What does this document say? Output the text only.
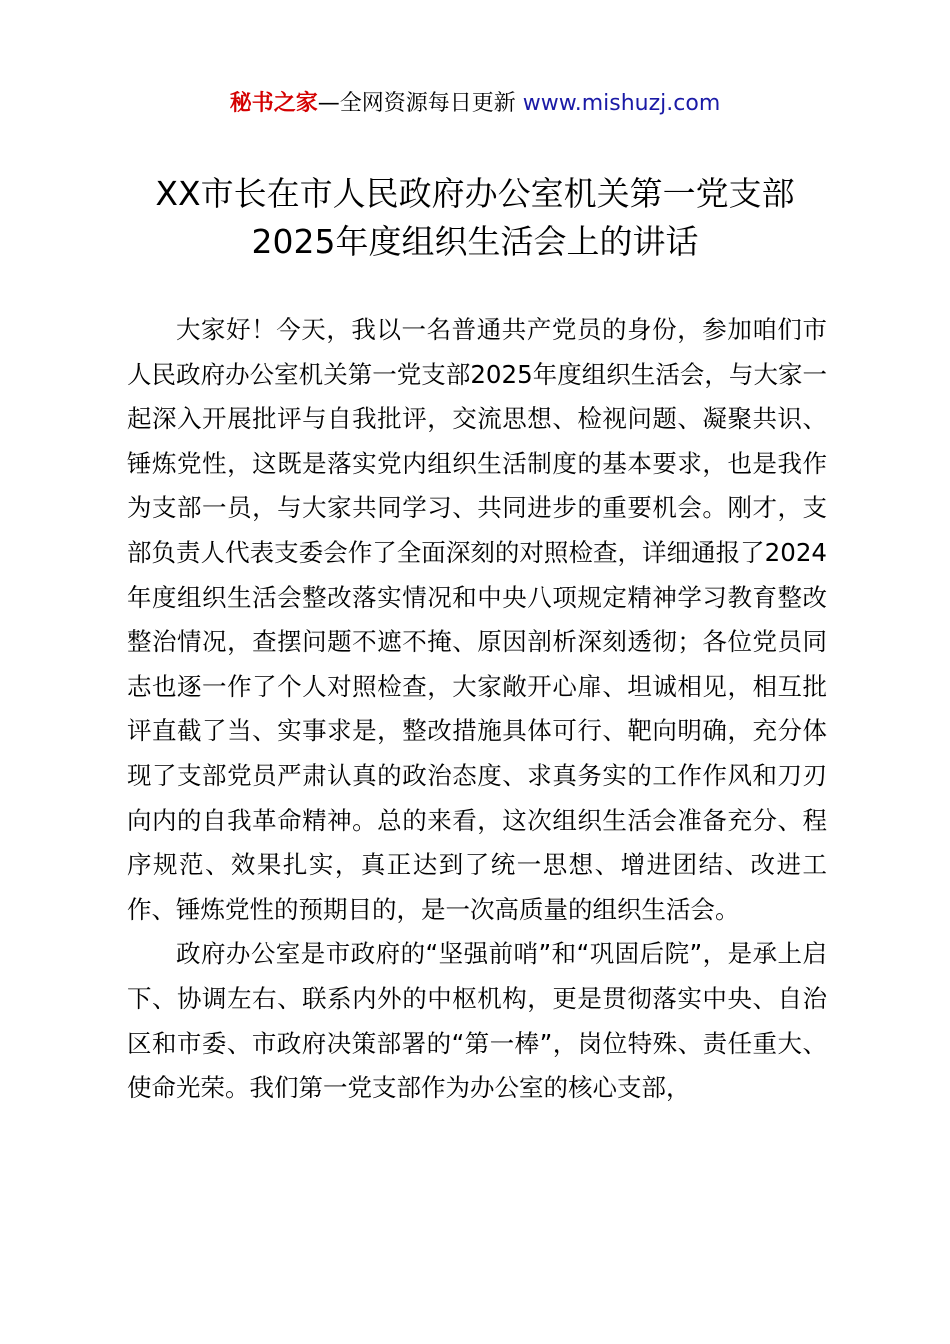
秘书之家—全网资源每日更新 www.mishuzj.com
XX市长在市人民政府办公室机关第一党支部
2025年度组织生活会上的讲话

大家好！今天，我以一名普通共产党员的身份，参加咱们市人民政府办公室机关第一党支部2025年度组织生活会，与大家一起深入开展批评与自我批评，交流思想、检视问题、凝聚共识、锤炼党性，这既是落实党内组织生活制度的基本要求，也是我作为支部一员，与大家共同学习、共同进步的重要机会。刚才，支部负责人代表支委会作了全面深刻的对照检查，详细通报了2024年度组织生活会整改落实情况和中央八项规定精神学习教育整改整治情况，查摆问题不遮不掩、原因剖析深刻透彻；各位党员同志也逐一作了个人对照检查，大家敞开心扉、坦诚相见，相互批评直截了当、实事求是，整改措施具体可行、靶向明确，充分体现了支部党员严肃认真的政治态度、求真务实的工作作风和刀刃向内的自我革命精神。总的来看，这次组织生活会准备充分、程序规范、效果扎实，真正达到了统一思想、增进团结、改进工作、锤炼党性的预期目的，是一次高质量的组织生活会。

政府办公室是市政府的“坚强前哨”和“巩固后院”，是承上启下、协调左右、联系内外的中枢机构，更是贯彻落实中央、自治区和市委、市政府决策部署的“第一棒”，岗位特殊、责任重大、使命光荣。我们第一党支部作为办公室的核心支部，
